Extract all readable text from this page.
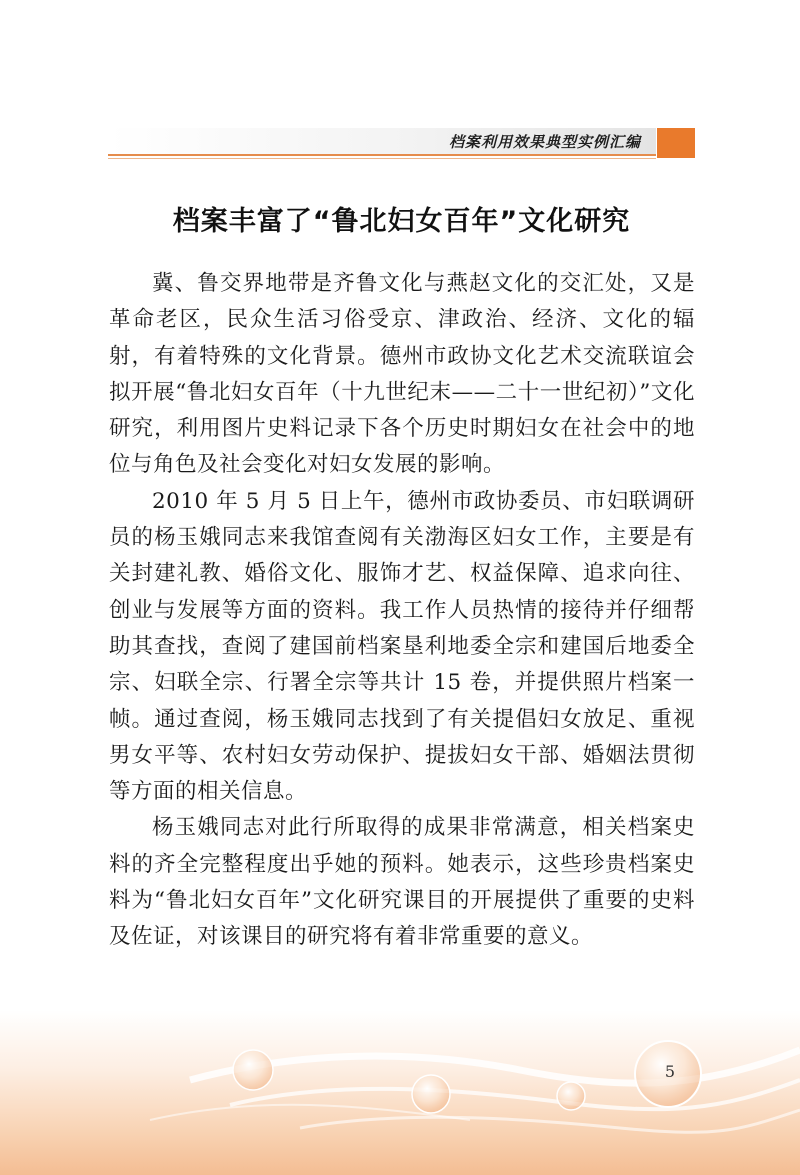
档案利用效果典型实例汇编
档案丰富了“鲁北妇女百年”文化研究

冀、鲁交界地带是齐鲁文化与燕赵文化的交汇处，又是革命老区，民众生活习俗受京、津政治、经济、文化的辐射，有着特殊的文化背景。德州市政协文化艺术交流联谊会拟开展“鲁北妇女百年（十九世纪末——二十一世纪初）”文化研究，利用图片史料记录下各个历史时期妇女在社会中的地位与角色及社会变化对妇女发展的影响。

2010 年 5 月 5 日上午，德州市政协委员、市妇联调研员的杨玉娥同志来我馆查阅有关渤海区妇女工作，主要是有关封建礼教、婚俗文化、服饰才艺、权益保障、追求向往、创业与发展等方面的资料。我工作人员热情的接待并仔细帮助其查找，查阅了建国前档案垦利地委全宗和建国后地委全宗、妇联全宗、行署全宗等共计 15 卷，并提供照片档案一帧。通过查阅，杨玉娥同志找到了有关提倡妇女放足、重视男女平等、农村妇女劳动保护、提拔妇女干部、婚姻法贯彻等方面的相关信息。

杨玉娥同志对此行所取得的成果非常满意，相关档案史料的齐全完整程度出乎她的预料。她表示，这些珍贵档案史料为“鲁北妇女百年”文化研究课目的开展提供了重要的史料及佐证，对该课目的研究将有着非常重要的意义。

5
